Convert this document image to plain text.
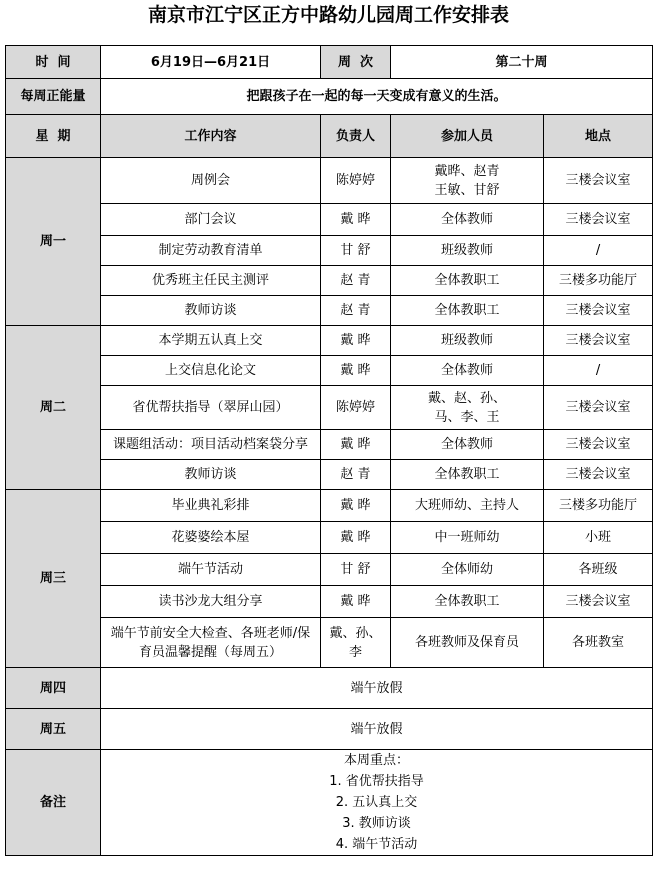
南京市江宁区正方中路幼儿园周工作安排表
时  间	6月19日—6月21日	周  次	第二十周	
每周正能量	把跟孩子在一起的每一天变成有意义的生活。			
星  期	工作内容	负责人	参加人员	地点
周一	周例会	陈婷婷	戴晔、赵青
王敏、甘舒	三楼会议室
	部门会议	戴 晔	全体教师	三楼会议室
	制定劳动教育清单	甘 舒	班级教师	/
	优秀班主任民主测评	赵 青	全体教职工	三楼多功能厅
	教师访谈	赵 青	全体教职工	三楼会议室
周二	本学期五认真上交	戴 晔	班级教师	三楼会议室
	上交信息化论文	戴 晔	全体教师	/
	省优帮扶指导（翠屏山园）	陈婷婷	戴、赵、孙、
马、李、王	三楼会议室
	课题组活动：项目活动档案袋分享	戴 晔	全体教师	三楼会议室
	教师访谈	赵 青	全体教职工	三楼会议室
周三	毕业典礼彩排	戴 晔	大班师幼、主持人	三楼多功能厅
	花婆婆绘本屋	戴 晔	中一班师幼	小班
	端午节活动	甘 舒	全体师幼	各班级
	读书沙龙大组分享	戴 晔	全体教职工	三楼会议室
	端午节前安全大检查、各班老师/保育员温馨提醒（每周五）	戴、孙、李	各班教师及保育员	各班教室
周四	端午放假			
周五	端午放假			
备注	本周重点：
1. 省优帮扶指导
2. 五认真上交
3. 教师访谈
4. 端午节活动			
